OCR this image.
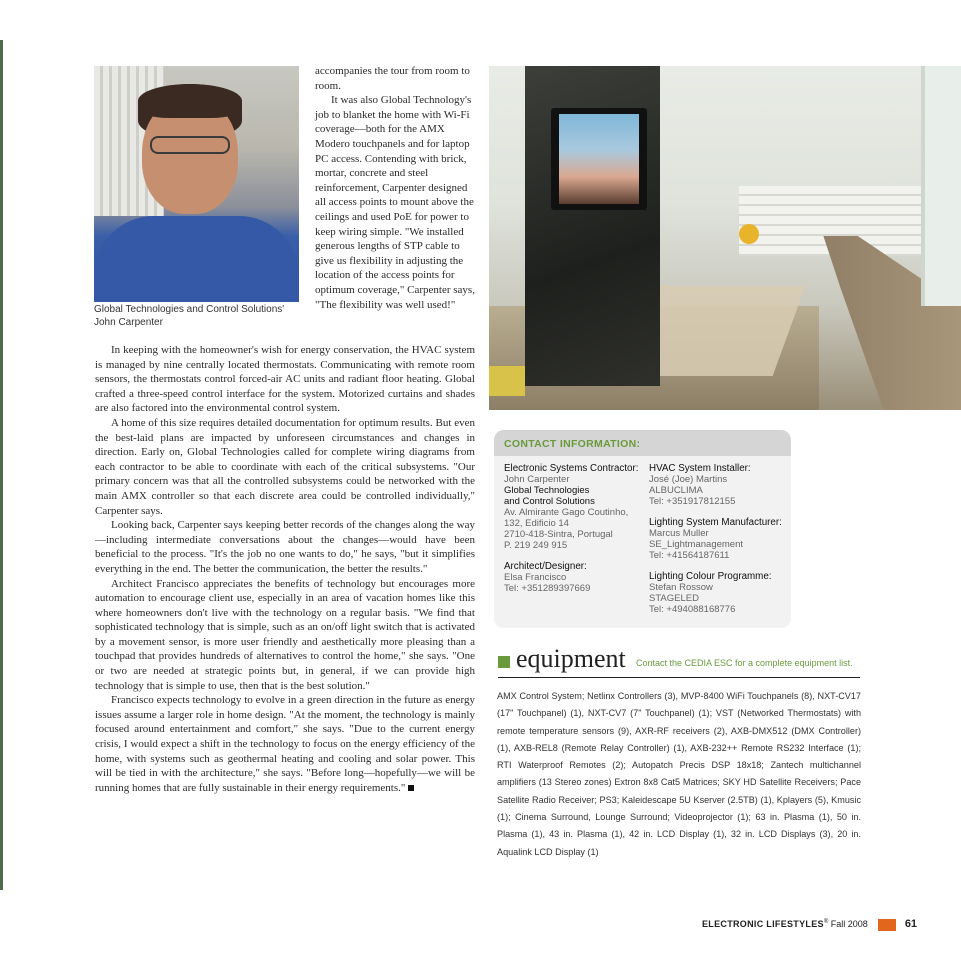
Global Technologies and Control Solutions' John Carpenter

accompanies the tour from room to room.

It was also Global Technology's job to blanket the home with Wi-Fi coverage—both for the AMX Modero touchpanels and for laptop PC access. Contending with brick, mortar, concrete and steel reinforcement, Carpenter designed all access points to mount above the ceilings and used PoE for power to keep wiring simple. "We installed generous lengths of STP cable to give us flexibility in adjusting the location of the access points for optimum coverage," Carpenter says, "The flexibility was well used!"

In keeping with the homeowner's wish for energy conservation, the HVAC system is managed by nine centrally located thermostats. Communicating with remote room sensors, the thermostats control forced-air AC units and radiant floor heating. Global crafted a three-speed control interface for the system. Motorized curtains and shades are also factored into the environmental control system.

A home of this size requires detailed documentation for optimum results. But even the best-laid plans are impacted by unforeseen circumstances and changes in direction. Early on, Global Technologies called for complete wiring diagrams from each contractor to be able to coordinate with each of the critical subsystems. "Our primary concern was that all the controlled subsystems could be networked with the main AMX controller so that each discrete area could be controlled individually," Carpenter says.

Looking back, Carpenter says keeping better records of the changes along the way—including intermediate conversations about the changes—would have been beneficial to the process. "It's the job no one wants to do," he says, "but it simplifies everything in the end. The better the communication, the better the results."

Architect Francisco appreciates the benefits of technology but encourages more automation to encourage client use, especially in an area of vacation homes like this where homeowners don't live with the technology on a regular basis. "We find that sophisticated technology that is simple, such as an on/off light switch that is activated by a movement sensor, is more user friendly and aesthetically more pleasing than a touchpad that provides hundreds of alternatives to control the home," she says. "One or two are needed at strategic points but, in general, if we can provide high technology that is simple to use, then that is the best solution."

Francisco expects technology to evolve in a green direction in the future as energy issues assume a larger role in home design. "At the moment, the technology is mainly focused around entertainment and comfort," she says. "Due to the current energy crisis, I would expect a shift in the technology to focus on the energy efficiency of the home, with systems such as geothermal heating and cooling and solar power. This will be tied in with the architecture," she says. "Before long—hopefully—we will be running homes that are fully sustainable in their energy requirements."

CONTACT INFORMATION:
Electronic Systems Contractor:
John Carpenter
Global Technologies
and Control Solutions
Av. Almirante Gago Coutinho,
132, Edificio 14
2710-418-Sintra, Portugal
P. 219 249 915
Architect/Designer:
Elsa Francisco
Tel: +351289397669
HVAC System Installer:
José (Joe) Martins
ALBUCLIMA
Tel: +351917812155
Lighting System Manufacturer:
Marcus Muller
SE_Lightmanagement
Tel: +41564187611
Lighting Colour Programme:
Stefan Rossow
STAGELED
Tel: +494088168776
equipment Contact the CEDIA ESC for a complete equipment list.
AMX Control System; Netlinx Controllers (3), MVP-8400 WiFi Touchpanels (8), NXT-CV17 (17" Touchpanel) (1), NXT-CV7 (7" Touchpanel) (1); VST (Networked Thermostats) with remote temperature sensors (9), AXR-RF receivers (2), AXB-DMX512 (DMX Controller) (1), AXB-REL8 (Remote Relay Controller) (1), AXB-232++ Remote RS232 Interface (1); RTI Waterproof Remotes (2); Autopatch Precis DSP 18x18; Zantech multichannel amplifiers (13 Stereo zones) Extron 8x8 Cat5 Matrices; SKY HD Satellite Receivers; Pace Satellite Radio Receiver; PS3; Kaleidescape 5U Kserver (2.5TB) (1), Kplayers (5), Kmusic (1); Cinema Surround, Lounge Surround; Videoprojector (1); 63 in. Plasma (1), 50 in. Plasma (1), 43 in. Plasma (1), 42 in. LCD Display (1), 32 in. LCD Displays (3), 20 in. Aqualink LCD Display (1)
ELECTRONIC LIFESTYLES® Fall 2008	61
